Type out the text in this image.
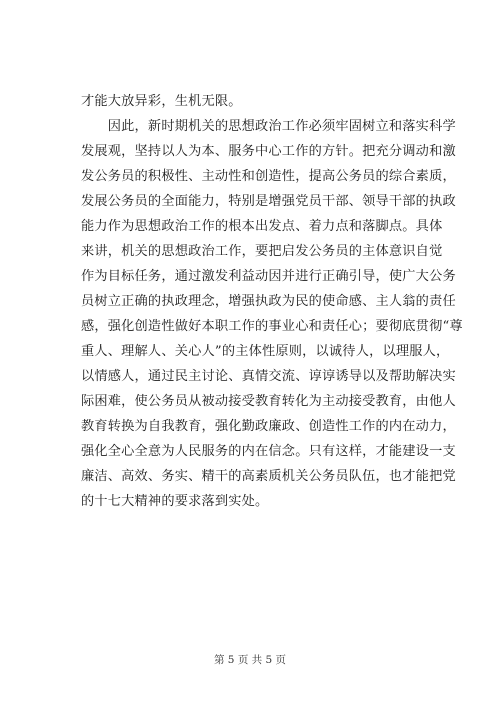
才能大放异彩，生机无限。
　　因此，新时期机关的思想政治工作必须牢固树立和落实科学
发展观，坚持以人为本、服务中心工作的方针。把充分调动和激
发公务员的积极性、主动性和创造性，提高公务员的综合素质，
发展公务员的全面能力，特别是增强党员干部、领导干部的执政
能力作为思想政治工作的根本出发点、着力点和落脚点。具体
来讲，机关的思想政治工作，要把启发公务员的主体意识自觉
作为目标任务，通过激发利益动因并进行正确引导，使广大公务
员树立正确的执政理念，增强执政为民的使命感、主人翁的责任
感，强化创造性做好本职工作的事业心和责任心；要彻底贯彻“尊
重人、理解人、关心人”的主体性原则，以诚待人，以理服人，
以情感人，通过民主讨论、真情交流、谆谆诱导以及帮助解决实
际困难，使公务员从被动接受教育转化为主动接受教育，由他人
教育转换为自我教育，强化勤政廉政、创造性工作的内在动力，
强化全心全意为人民服务的内在信念。只有这样，才能建设一支
廉洁、高效、务实、精干的高素质机关公务员队伍，也才能把党
的十七大精神的要求落到实处。
第 5 页 共 5 页
